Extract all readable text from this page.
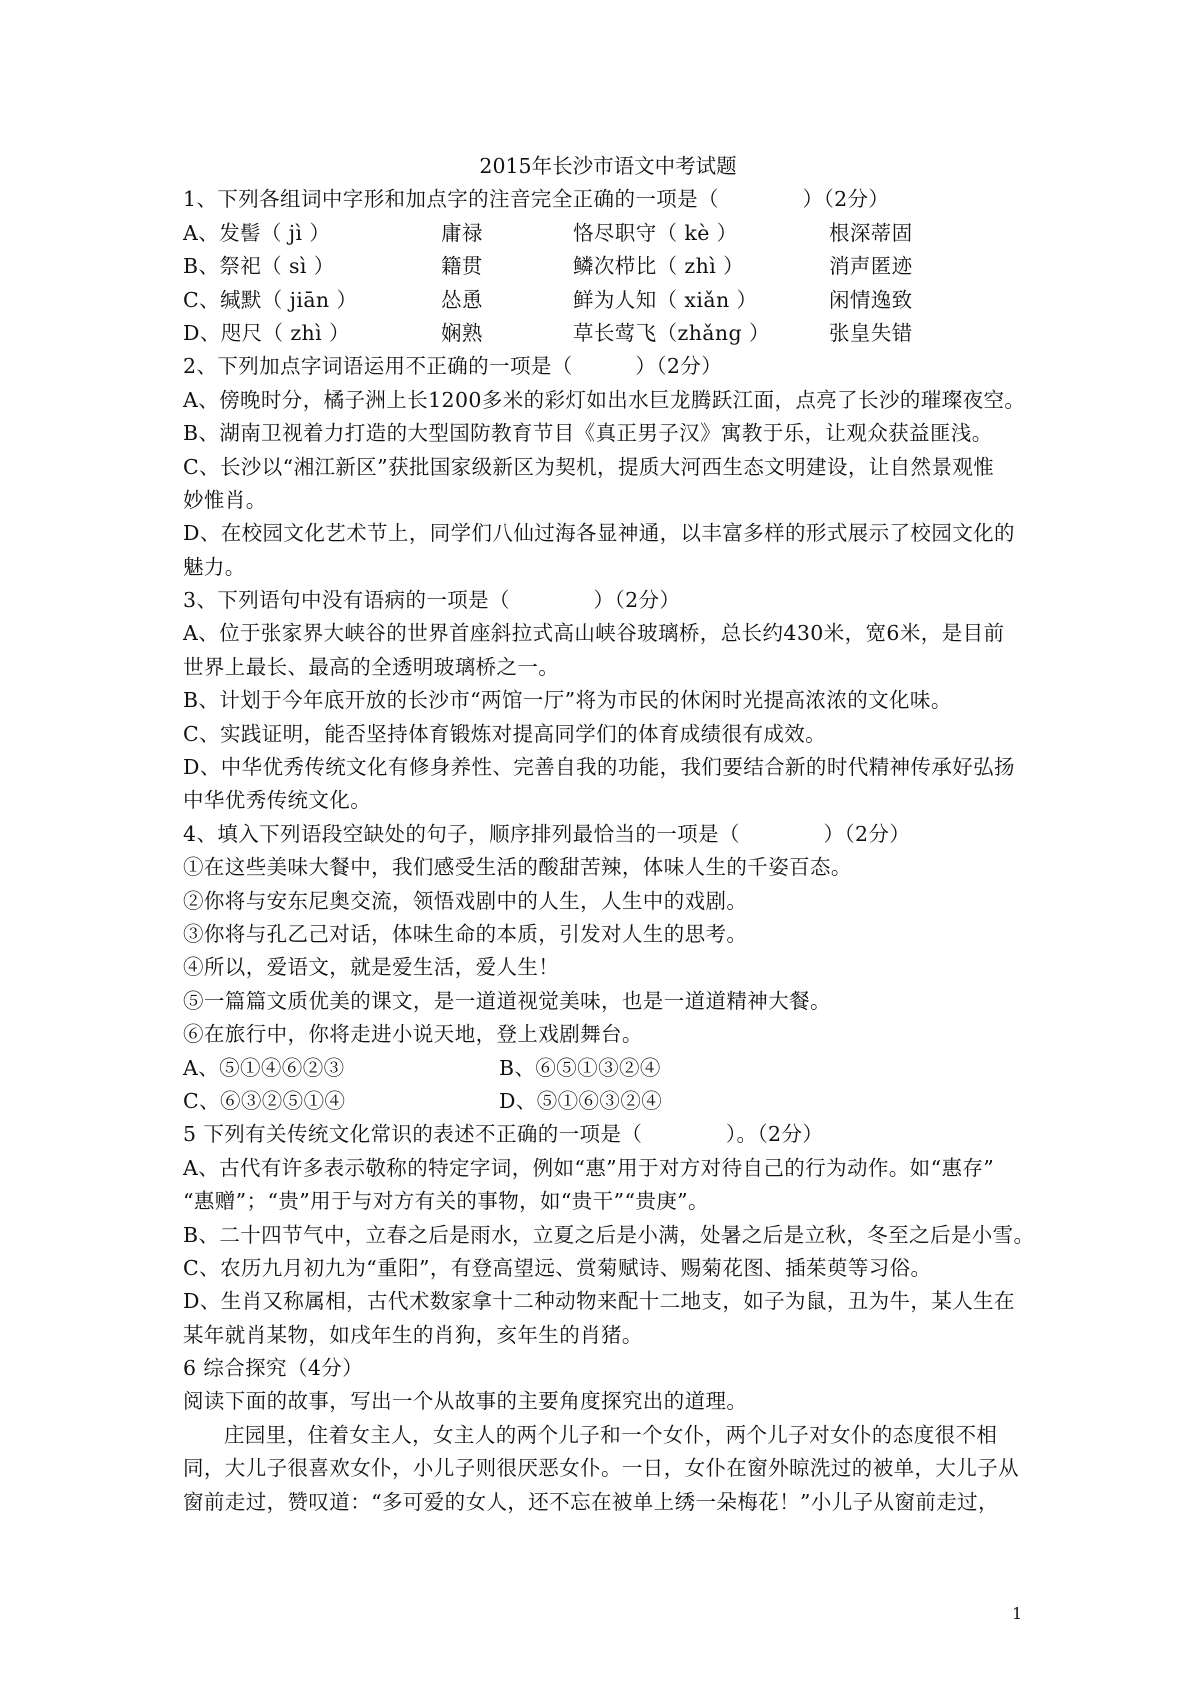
2015年长沙市语文中考试题
1、下列各组词中字形和加点字的注音完全正确的一项是（　　　　）（2分）
A、发髻（ jì ）	庸禄	恪尽职守（ kè ）	根深蒂固
B、祭祀（ sì ）	籍贯	鳞次栉比（ zhì ）	消声匿迹
C、缄默（ jiān ）	怂恿	鲜为人知（ xiǎn ）	闲情逸致
D、咫尺（ zhì ）	娴熟	草长莺飞（zhǎng ）	张皇失错
2、下列加点字词语运用不正确的一项是（　　　）（2分）
A、傍晚时分，橘子洲上长1200多米的彩灯如出水巨龙腾跃江面，点亮了长沙的璀璨夜空。
B、湖南卫视着力打造的大型国防教育节目《真正男子汉》寓教于乐，让观众获益匪浅。
C、长沙以“湘江新区”获批国家级新区为契机，提质大河西生态文明建设，让自然景观惟
妙惟肖。
D、在校园文化艺术节上，同学们八仙过海各显神通，以丰富多样的形式展示了校园文化的
魅力。
3、下列语句中没有语病的一项是（　　　　）（2分）
A、位于张家界大峡谷的世界首座斜拉式高山峡谷玻璃桥，总长约430米，宽6米，是目前
世界上最长、最高的全透明玻璃桥之一。
B、计划于今年底开放的长沙市“两馆一厅”将为市民的休闲时光提高浓浓的文化味。
C、实践证明，能否坚持体育锻炼对提高同学们的体育成绩很有成效。
D、中华优秀传统文化有修身养性、完善自我的功能，我们要结合新的时代精神传承好弘扬
中华优秀传统文化。
4、填入下列语段空缺处的句子，顺序排列最恰当的一项是（　　　　）（2分）
①在这些美味大餐中，我们感受生活的酸甜苦辣，体味人生的千姿百态。
②你将与安东尼奥交流，领悟戏剧中的人生，人生中的戏剧。
③你将与孔乙己对话，体味生命的本质，引发对人生的思考。
④所以，爱语文，就是爱生活，爱人生！
⑤一篇篇文质优美的课文，是一道道视觉美味，也是一道道精神大餐。
⑥在旅行中，你将走进小说天地，登上戏剧舞台。
A、⑤①④⑥②③	B、⑥⑤①③②④
C、⑥③②⑤①④	D、⑤①⑥③②④
5 下列有关传统文化常识的表述不正确的一项是（　　　　）。（2分）
A、古代有许多表示敬称的特定字词，例如“惠”用于对方对待自己的行为动作。如“惠存”
“惠赠”；“贵”用于与对方有关的事物，如“贵干”“贵庚”。
B、二十四节气中，立春之后是雨水，立夏之后是小满，处暑之后是立秋，冬至之后是小雪。
C、农历九月初九为“重阳”，有登高望远、赏菊赋诗、赐菊花图、插茱萸等习俗。
D、生肖又称属相，古代术数家拿十二种动物来配十二地支，如子为鼠，丑为牛，某人生在
某年就肖某物，如戌年生的肖狗，亥年生的肖猪。
6 综合探究（4分）
阅读下面的故事，写出一个从故事的主要角度探究出的道理。
庄园里，住着女主人，女主人的两个儿子和一个女仆，两个儿子对女仆的态度很不相
同，大儿子很喜欢女仆，小儿子则很厌恶女仆。一日，女仆在窗外晾洗过的被单，大儿子从
窗前走过，赞叹道：“多可爱的女人，还不忘在被单上绣一朵梅花！”小儿子从窗前走过，
1
